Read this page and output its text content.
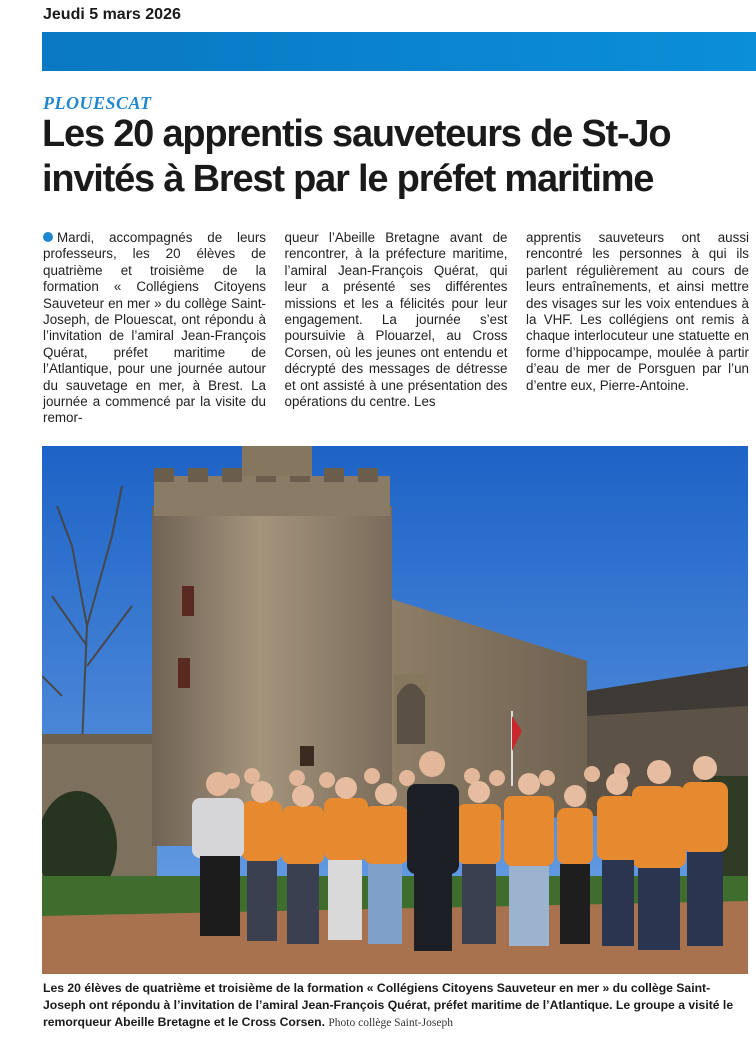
Jeudi 5 mars 2026
PLOUESCAT
Les 20 apprentis sauveteurs de St-Jo invités à Brest par le préfet maritime
Mardi, accompagnés de leurs professeurs, les 20 élèves de quatrième et troisième de la formation « Collégiens Citoyens Sauveteur en mer » du collège Saint-Joseph, de Plouescat, ont répondu à l’invitation de l’amiral Jean-François Quérat, préfet maritime de l’Atlantique, pour une journée autour du sauvetage en mer, à Brest. La journée a commencé par la visite du remor-
queur l’Abeille Bretagne avant de rencontrer, à la préfecture maritime, l’amiral Jean-François Quérat, qui leur a présenté ses différentes missions et les a félicités pour leur engagement. La journée s’est poursuivie à Plouarzel, au Cross Corsen, où les jeunes ont entendu et décrypté des messages de détresse et ont assisté à une présentation des opérations du centre. Les
apprentis sauveteurs ont aussi rencontré les personnes à qui ils parlent régulièrement au cours de leurs entraînements, et ainsi mettre des visages sur les voix entendues à la VHF. Les collégiens ont remis à chaque interlocuteur une statuette en forme d’hippocampe, moulée à partir d’eau de mer de Porsguen par l’un d’entre eux, Pierre-Antoine.
Les 20 élèves de quatrième et troisième de la formation « Collégiens Citoyens Sauveteur en mer » du collège Saint-Joseph ont répondu à l’invitation de l’amiral Jean-François Quérat, préfet maritime de l’Atlantique. Le groupe a visité le remorqueur Abeille Bretagne et le Cross Corsen. Photo collège Saint-Joseph
